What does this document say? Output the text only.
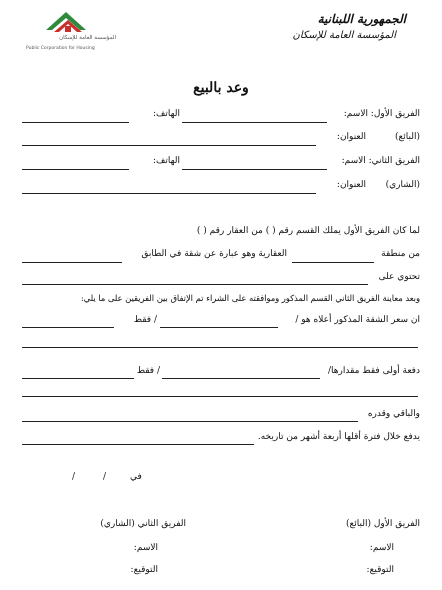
الجمهورية اللبنانية
المؤسسة العامة للإسكان
المؤسسة العامة للإسكان
Public Corporation for Housing
وعد بالبيع
الفريق الأول: الاسم:
الهاتف:
(البائع)
العنوان:
الفريق الثاني: الاسم:
الهاتف:
(الشاري)
العنوان:
لما كان الفريق الأول يملك القسم رقم ( ) من العقار رقم ( )
من منطقة
العقارية وهو عبارة عن شقة في الطابق
تحتوي على
وبعد معاينة الفريق الثاني القسم المذكور وموافقته على الشراء تم الإتفاق بين الفريقين على ما يلي:
ان سعر الشقة المذكور أعلاه هو /
/ فقط
دفعة أولى فقط مقدارها/
/ فقط
والباقي وقدره
يدفع خلال فترة أقلها أربعة أشهر من تاريخه.
في
/
/
الفريق الأول (البائع)
الاسم:
التوقيع:
الفريق الثاني (الشاري)
الاسم:
التوقيع:
